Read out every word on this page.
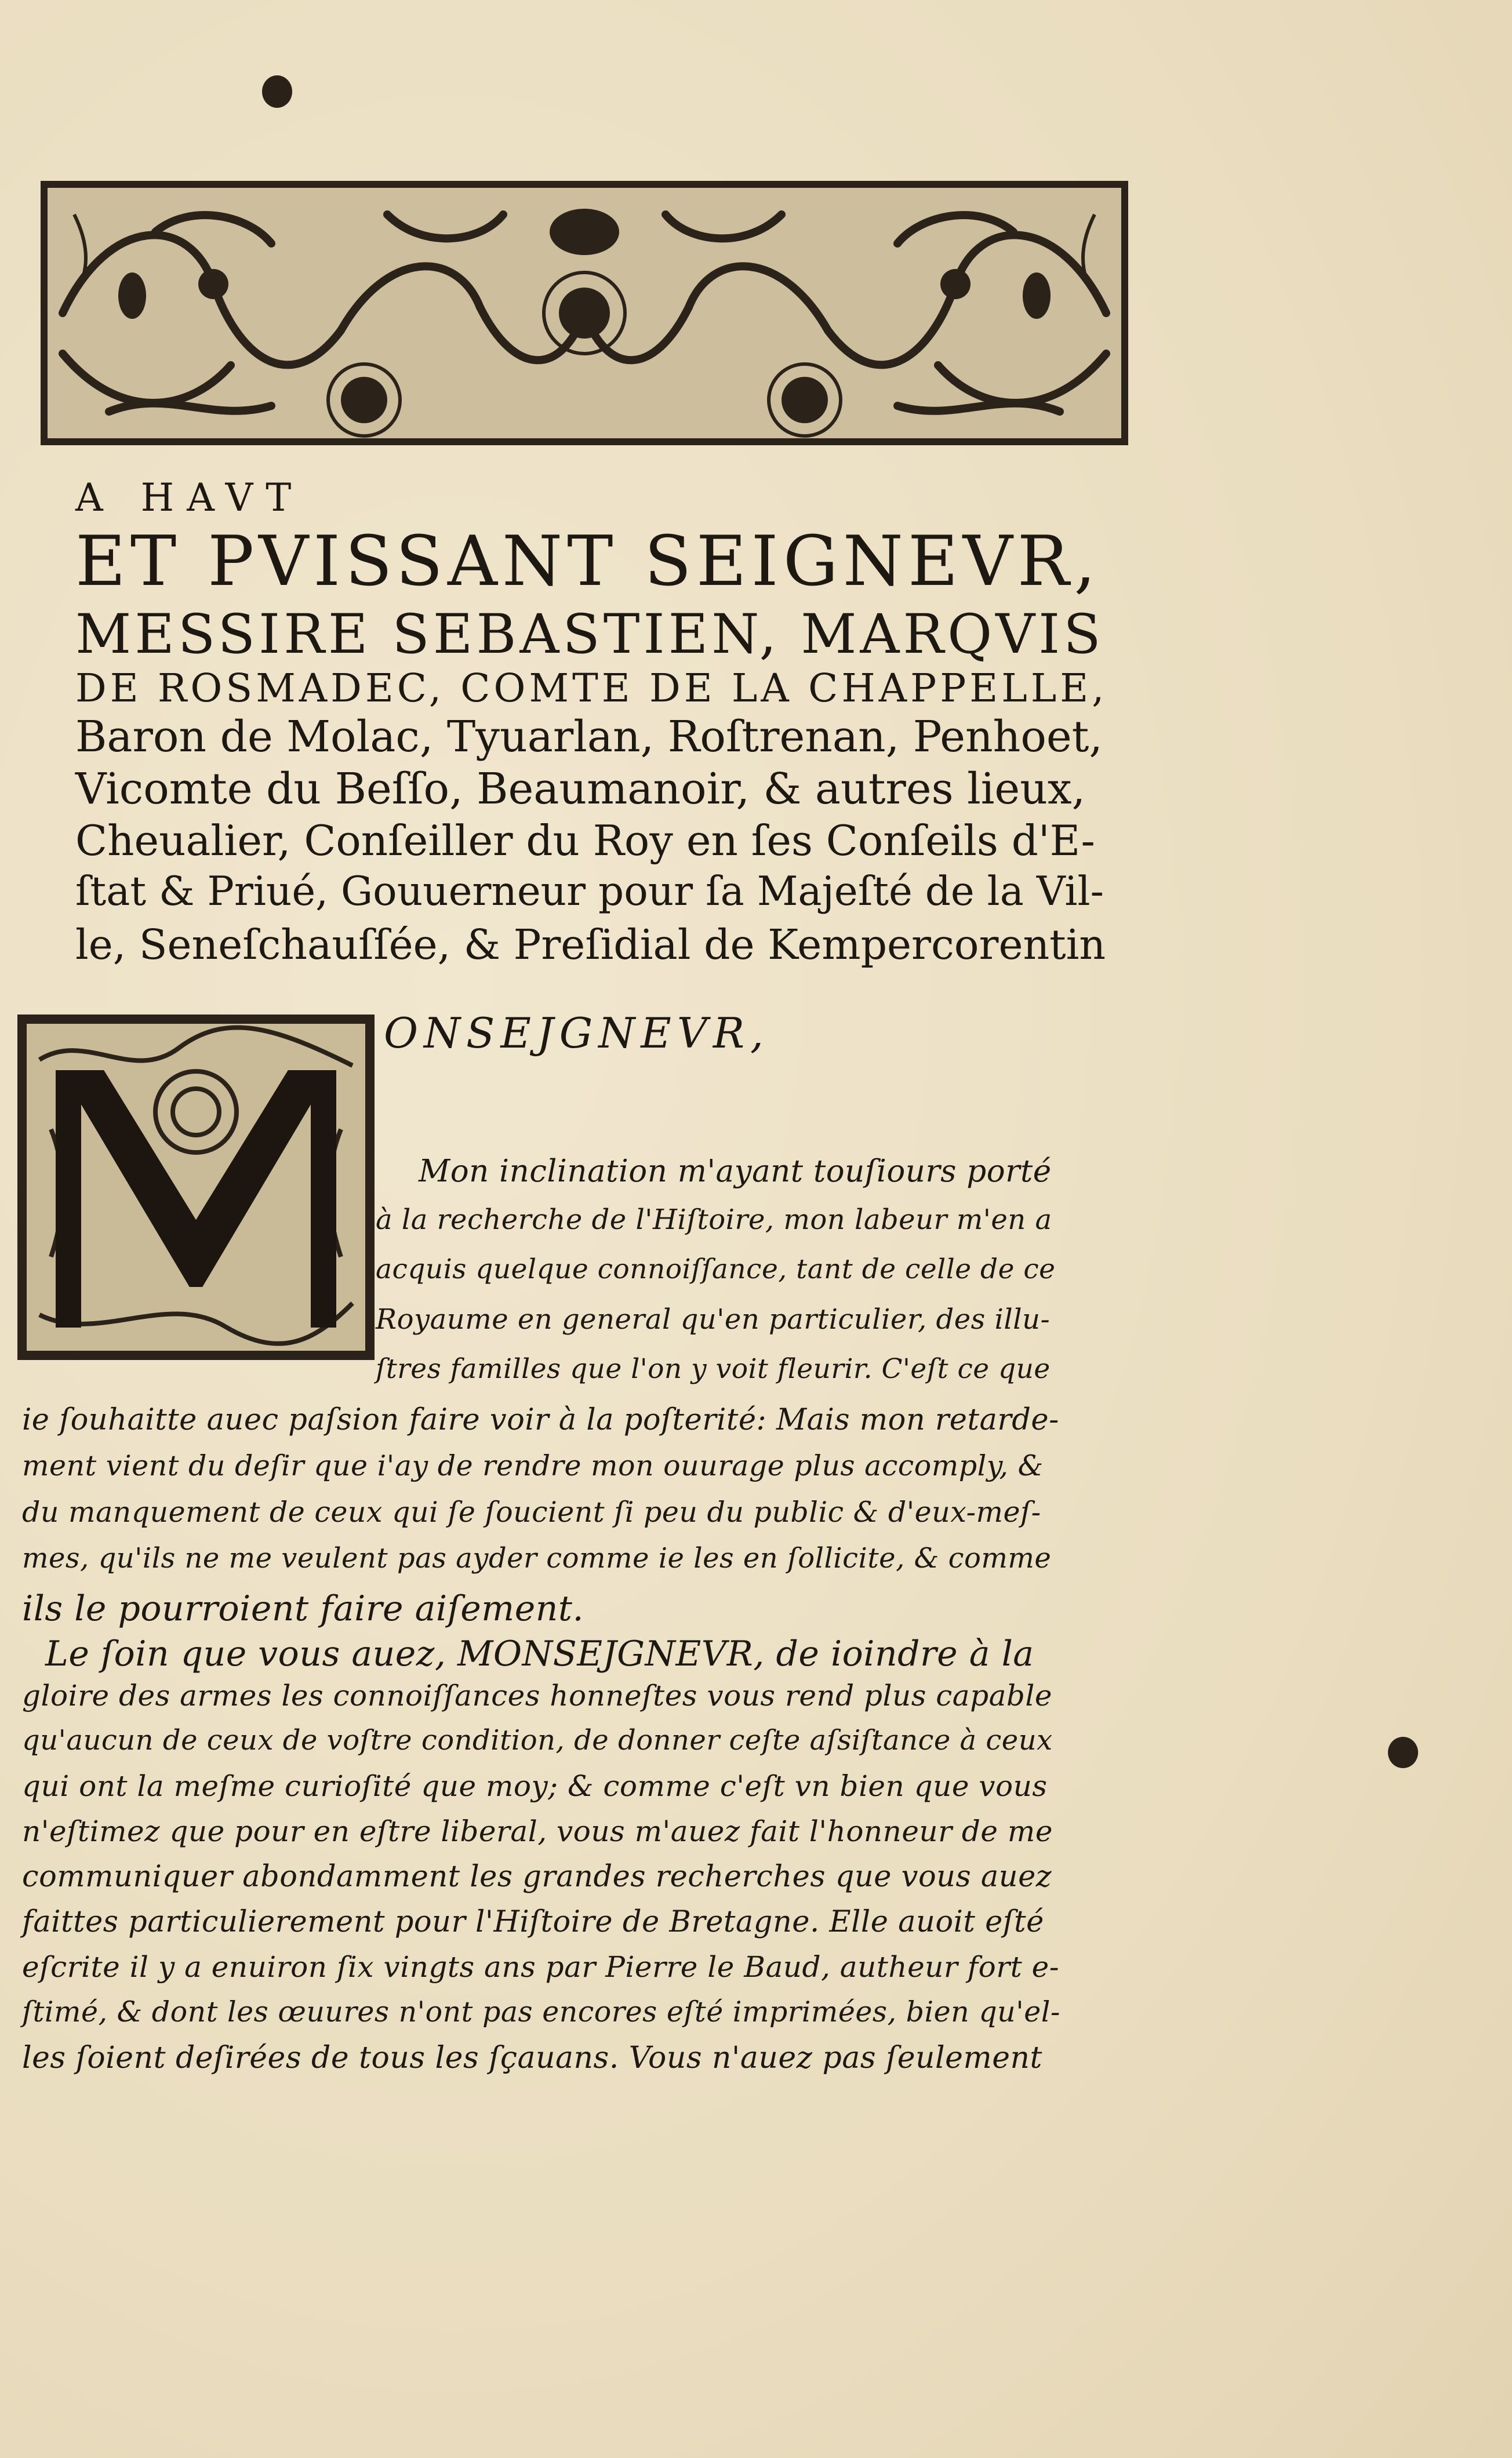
A HAVT
ET PVISSANT SEIGNEVR,
MESSIRE SEBASTIEN, MARQVIS
DE ROSMADEC, COMTE DE LA CHAPPELLE,
Baron de Molac, Tyuarlan, Roſtrenan, Penhoet,
Vicomte du Beſſo, Beaumanoir, & autres lieux,
Cheualier, Conſeiller du Roy en ſes Conſeils d'E-
ſtat & Priué, Gouuerneur pour ſa Majeſté de la Vil-
le, Seneſchauſſée, & Preſidial de Kempercorentin
ONSEJGNEVR,
Mon inclination m'ayant touſiours porté
à la recherche de l'Hiſtoire, mon labeur m'en a
acquis quelque connoiſſance, tant de celle de ce
Royaume en general qu'en particulier, des illu-
ſtres familles que l'on y voit fleurir. C'eſt ce que
ie ſouhaitte auec paſsion faire voir à la poſterité: Mais mon retarde-
ment vient du deſir que i'ay de rendre mon ouurage plus accomply, &
du manquement de ceux qui ſe ſoucient ſi peu du public & d'eux-meſ-
mes, qu'ils ne me veulent pas ayder comme ie les en ſollicite, & comme
ils le pourroient faire aiſement.
Le ſoin que vous auez, MONSEJGNEVR, de ioindre à la
gloire des armes les connoiſſances honneſtes vous rend plus capable
qu'aucun de ceux de voſtre condition, de donner ceſte aſsiſtance à ceux
qui ont la meſme curioſité que moy; & comme c'eſt vn bien que vous
n'eſtimez que pour en eſtre liberal, vous m'auez fait l'honneur de me
communiquer abondamment les grandes recherches que vous auez
faittes particulierement pour l'Hiſtoire de Bretagne. Elle auoit eſté
eſcrite il y a enuiron ſix vingts ans par Pierre le Baud, autheur fort e-
ſtimé, & dont les œuures n'ont pas encores eſté imprimées, bien qu'el-
les ſoient deſirées de tous les ſçauans. Vous n'auez pas ſeulement
